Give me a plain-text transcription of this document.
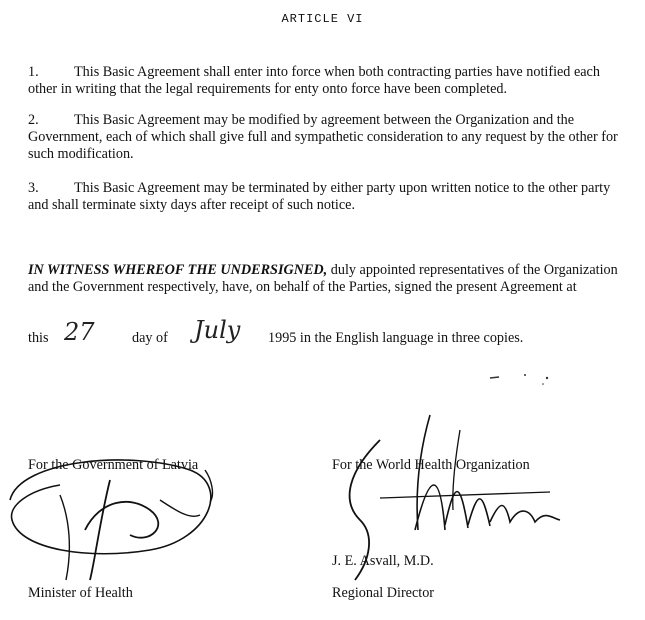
ARTICLE VI
1. This Basic Agreement shall enter into force when both contracting parties have notified each other in writing that the legal requirements for enty onto force have been completed.
2. This Basic Agreement may be modified by agreement between the Organization and the Government, each of which shall give full and sympathetic consideration to any request by the other for such modification.
3. This Basic Agreement may be terminated by either party upon written notice to the other party and shall terminate sixty days after receipt of such notice.
IN WITNESS WHEREOF THE UNDERSIGNED, duly appointed representatives of the Organization and the Government respectively, have, on behalf of the Parties, signed the present Agreement at
this 27	day of July 1995 in the English language in three copies.
For the Government of Latvia
Minister of Health
For the World Health Organization
J. E. Asvall, M.D.
Regional Director
